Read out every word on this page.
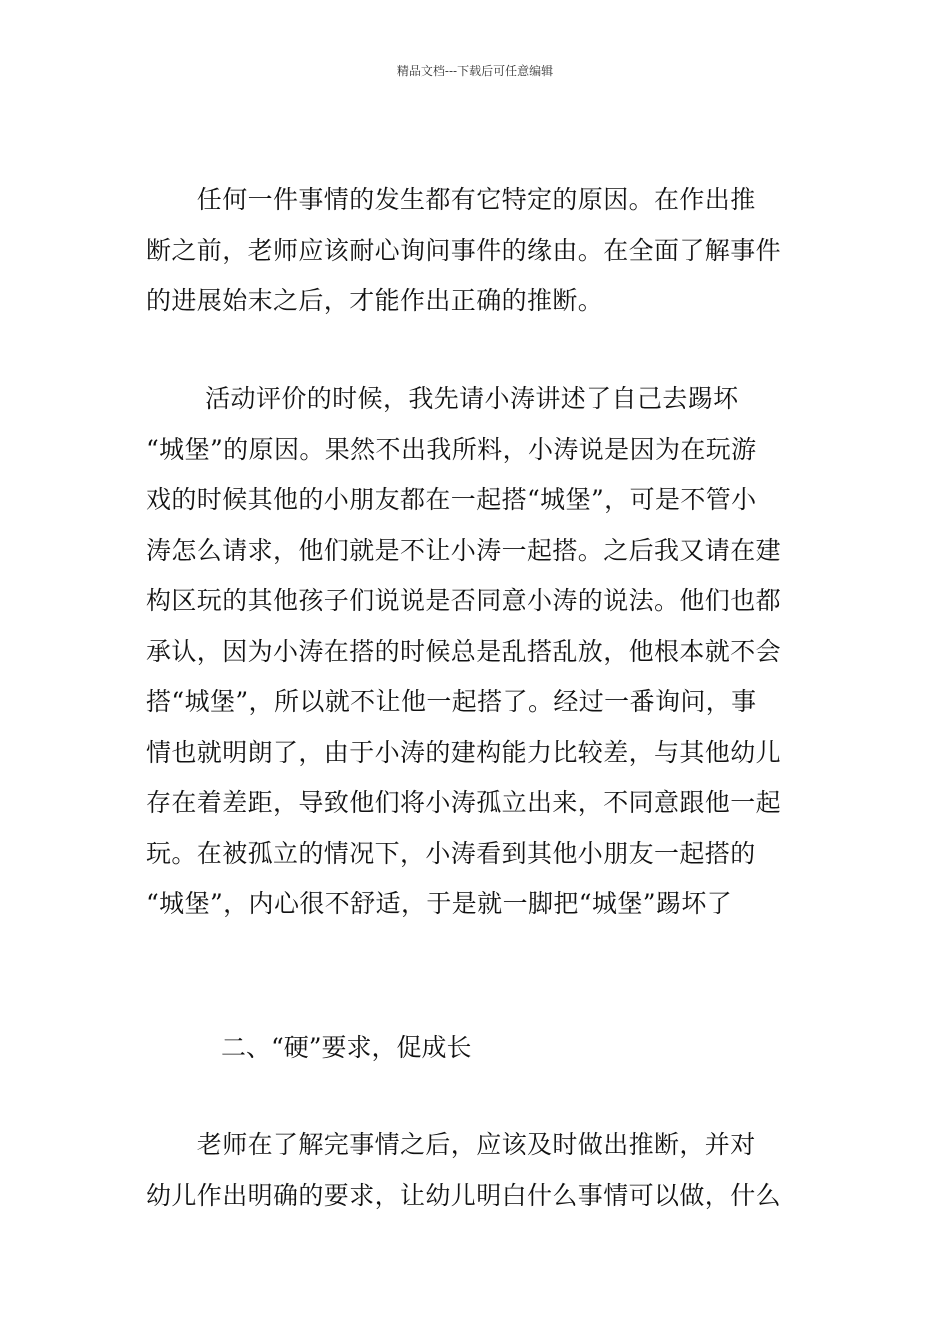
精品文档---下载后可任意编辑
　　任何一件事情的发生都有它特定的原因。在作出推
断之前，老师应该耐心询问事件的缘由。在全面了解事件
的进展始末之后，才能作出正确的推断。
　　 活动评价的时候，我先请小涛讲述了自己去踢坏
“城堡”的原因。果然不出我所料，小涛说是因为在玩游
戏的时候其他的小朋友都在一起搭“城堡”，可是不管小
涛怎么请求，他们就是不让小涛一起搭。之后我又请在建
构区玩的其他孩子们说说是否同意小涛的说法。他们也都
承认，因为小涛在搭的时候总是乱搭乱放，他根本就不会
搭“城堡”，所以就不让他一起搭了。经过一番询问，事
情也就明朗了，由于小涛的建构能力比较差，与其他幼儿
存在着差距，导致他们将小涛孤立出来，不同意跟他一起
玩。在被孤立的情况下，小涛看到其他小朋友一起搭的
“城堡”，内心很不舒适，于是就一脚把“城堡”踢坏了
二、“硬”要求，促成长
　　老师在了解完事情之后，应该及时做出推断，并对
幼儿作出明确的要求，让幼儿明白什么事情可以做，什么
